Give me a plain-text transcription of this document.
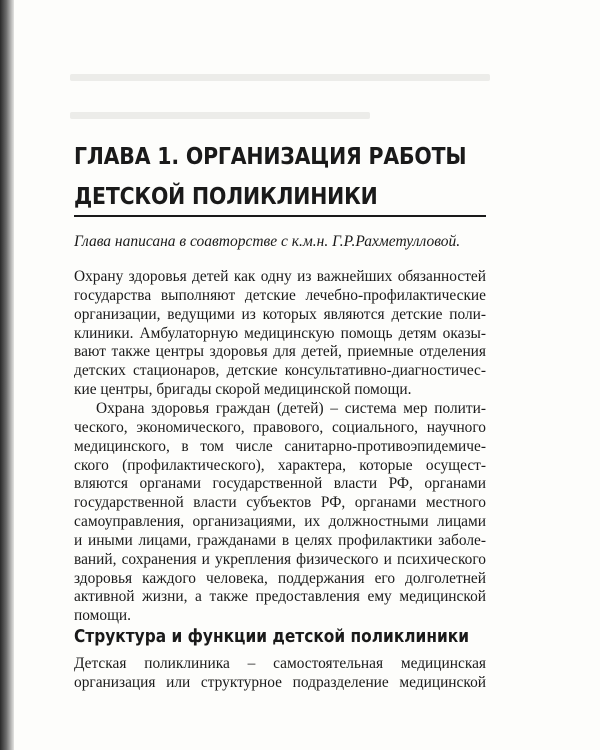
ГЛАВА 1. ОРГАНИЗАЦИЯ РАБОТЫ
ДЕТСКОЙ ПОЛИКЛИНИКИ

Глава написана в соавторстве с к.м.н. Г.Р.Рахметулловой.

Охрану здоровья детей как одну из важнейших обязанностей
государства выполняют детские лечебно-профилактические
организации, ведущими из которых являются детские поли-
клиники. Амбулаторную медицинскую помощь детям оказы-
вают также центры здоровья для детей, приемные отделения
детских стационаров, детские консультативно-диагностичес-
кие центры, бригады скорой медицинской помощи.
Охрана здоровья граждан (детей) – система мер полити-
ческого, экономического, правового, социального, научного
медицинского, в том числе санитарно-противоэпидемиче-
ского (профилактического), характера, которые осущест-
вляются органами государственной власти РФ, органами
государственной власти субъектов РФ, органами местного
самоуправления, организациями, их должностными лицами
и иными лицами, гражданами в целях профилактики заболе-
ваний, сохранения и укрепления физического и психического
здоровья каждого человека, поддержания его долголетней
активной жизни, а также предоставления ему медицинской
помощи.
Структура и функции детской поликлиники
Детская поликлиника – самостоятельная медицинская
организация или структурное подразделение медицинской
